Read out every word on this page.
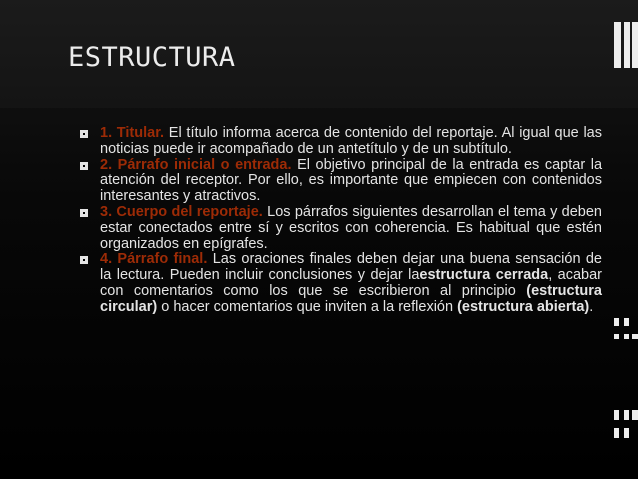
ESTRUCTURA
1. Titular. El título informa acerca de contenido del reportaje. Al igual que las noticias puede ir acompañado de un antetítulo y de un subtítulo.
2. Párrafo inicial o entrada. El objetivo principal de la entrada es captar la atención del receptor. Por ello, es importante que empiecen con contenidos interesantes y atractivos.
3. Cuerpo del reportaje. Los párrafos siguientes desarrollan el tema y deben estar conectados entre sí y escritos con coherencia. Es habitual que estén organizados en epígrafes.
4. Párrafo final. Las oraciones finales deben dejar una buena sensación de la lectura. Pueden incluir conclusiones y dejar laestructura cerrada, acabar con comentarios como los que se escribieron al principio (estructura circular) o hacer comentarios que inviten a la reflexión (estructura abierta).
